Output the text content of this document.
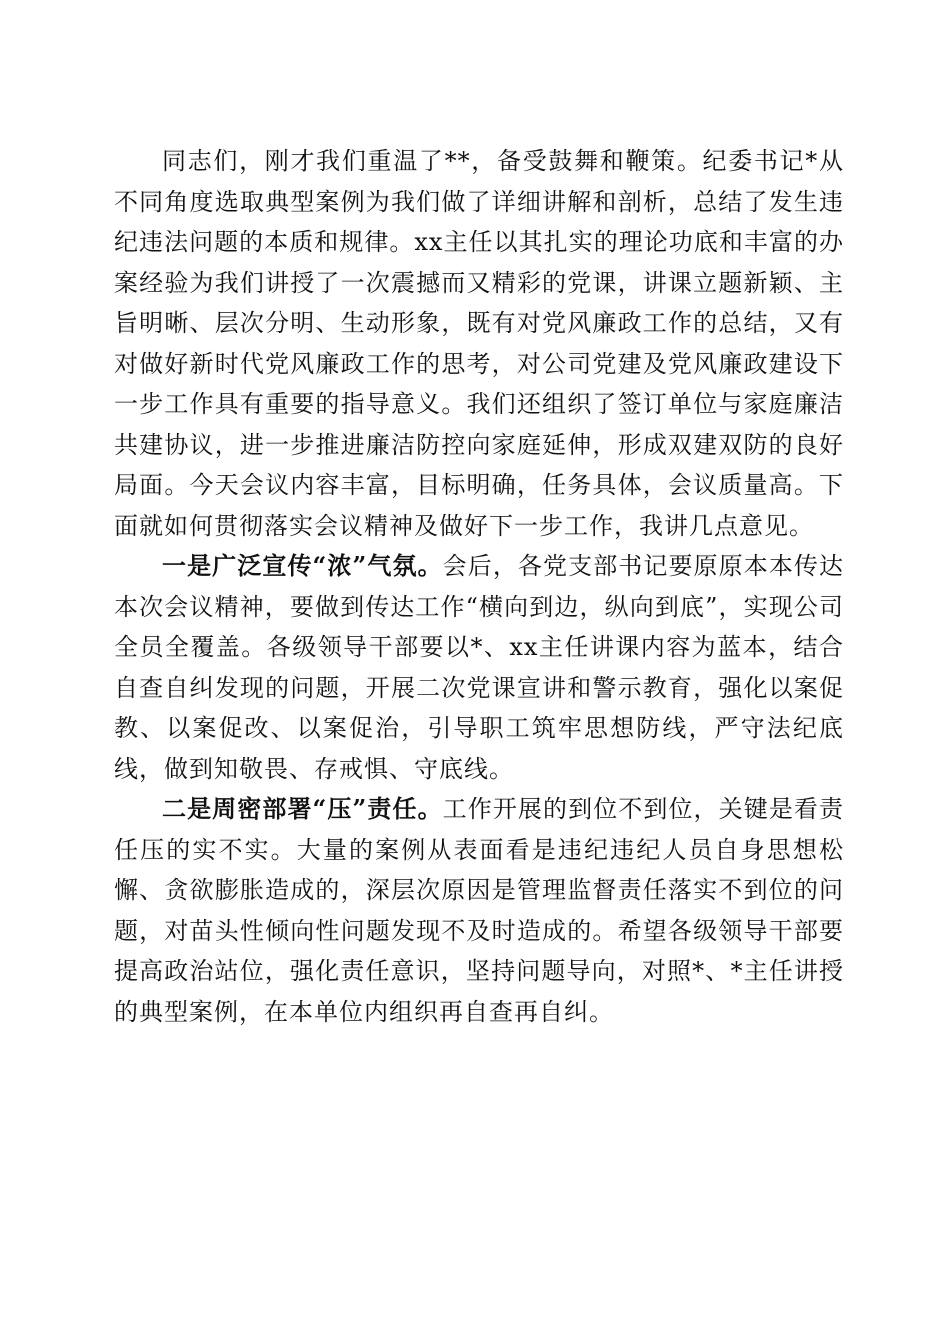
同志们，刚才我们重温了**，备受鼓舞和鞭策。纪委书记*从不同角度选取典型案例为我们做了详细讲解和剖析，总结了发生违纪违法问题的本质和规律。xx主任以其扎实的理论功底和丰富的办案经验为我们讲授了一次震撼而又精彩的党课，讲课立题新颖、主旨明晰、层次分明、生动形象，既有对党风廉政工作的总结，又有对做好新时代党风廉政工作的思考，对公司党建及党风廉政建设下一步工作具有重要的指导意义。我们还组织了签订单位与家庭廉洁共建协议，进一步推进廉洁防控向家庭延伸，形成双建双防的良好局面。今天会议内容丰富，目标明确，任务具体，会议质量高。下面就如何贯彻落实会议精神及做好下一步工作，我讲几点意见。

一是广泛宣传“浓”气氛。会后，各党支部书记要原原本本传达本次会议精神，要做到传达工作“横向到边，纵向到底”，实现公司全员全覆盖。各级领导干部要以*、xx主任讲课内容为蓝本，结合自查自纠发现的问题，开展二次党课宣讲和警示教育，强化以案促教、以案促改、以案促治，引导职工筑牢思想防线，严守法纪底线，做到知敬畏、存戒惧、守底线。

二是周密部署“压”责任。工作开展的到位不到位，关键是看责任压的实不实。大量的案例从表面看是违纪违纪人员自身思想松懈、贪欲膨胀造成的，深层次原因是管理监督责任落实不到位的问题，对苗头性倾向性问题发现不及时造成的。希望各级领导干部要提高政治站位，强化责任意识，坚持问题导向，对照*、*主任讲授的典型案例，在本单位内组织再自查再自纠。
